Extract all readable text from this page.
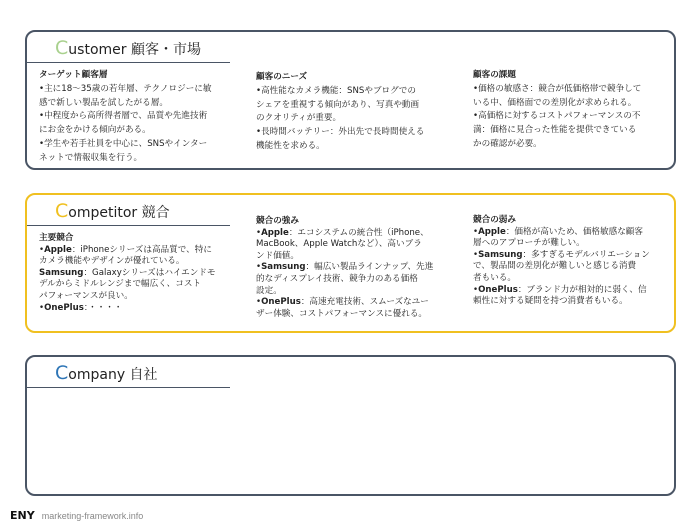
Customer 顧客・市場
ターゲット顧客層
•主に18～35歳の若年層、テクノロジーに敏
感で新しい製品を試したがる層。
•中程度から高所得者層で、品質や先進技術
にお金をかける傾向がある。
•学生や若手社員を中心に、SNSやインター
ネットで情報収集を行う。
顧客のニーズ
•高性能なカメラ機能：SNSやブログでの
シェアを重視する傾向があり、写真や動画
のクオリティが重要。
•長時間バッテリー：外出先で長時間使える
機能性を求める。
顧客の課題
•価格の敏感さ：競合が低価格帯で競争して
いる中、価格面での差別化が求められる。
•高価格に対するコストパフォーマンスの不
満：価格に見合った性能を提供できている
かの確認が必要。
Competitor 競合
主要競合
•Apple：iPhoneシリーズは高品質で、特に
カメラ機能やデザインが優れている。
Samsung：Galaxyシリーズはハイエンドモ
デルからミドルレンジまで幅広く、コスト
パフォーマンスが良い。
•OnePlus：・・・・
競合の強み
•Apple：エコシステムの統合性（iPhone、
MacBook、Apple Watchなど）、高いブラ
ンド価値。
•Samsung：幅広い製品ラインナップ、先進
的なディスプレイ技術、競争力のある価格
設定。
•OnePlus：高速充電技術、スムーズなユー
ザー体験、コストパフォーマンスに優れる。
競合の弱み
•Apple：価格が高いため、価格敏感な顧客
層へのアプローチが難しい。
•Samsung：多すぎるモデルバリエーション
で、製品間の差別化が難しいと感じる消費
者もいる。
•OnePlus：ブランド力が相対的に弱く、信
頼性に対する疑問を持つ消費者もいる。
Company 自社
ENY marketing-framework.info
